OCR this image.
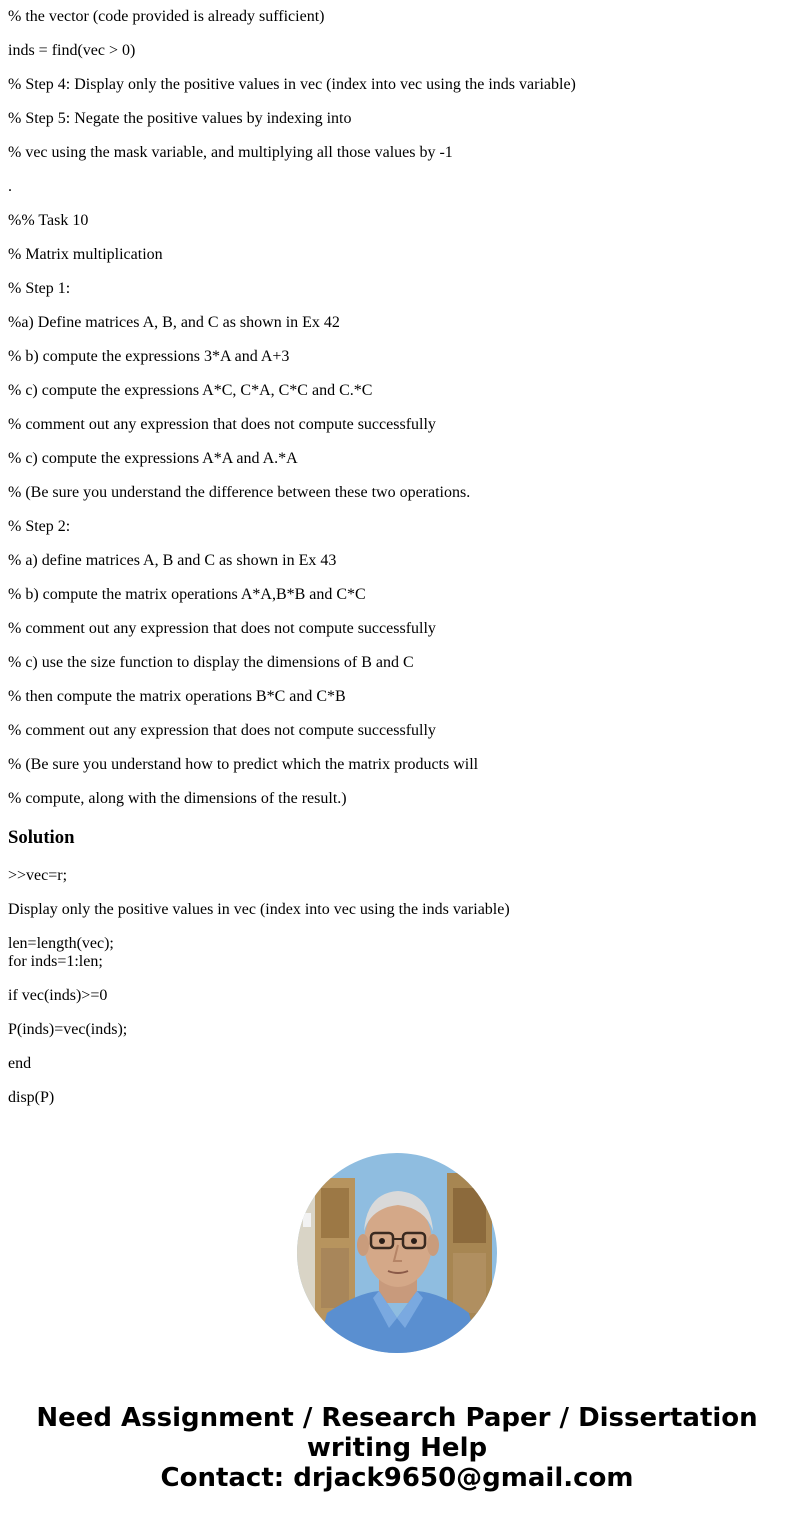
% the vector (code provided is already sufficient)

inds = find(vec > 0)

% Step 4: Display only the positive values in vec (index into vec using the inds variable)

% Step 5: Negate the positive values by indexing into

% vec using the mask variable, and multiplying all those values by -1

.

%% Task 10

% Matrix multiplication

% Step 1:

%a) Define matrices A, B, and C as shown in Ex 42

% b) compute the expressions 3*A and A+3

% c) compute the expressions A*C, C*A, C*C and C.*C

% comment out any expression that does not compute successfully

% c) compute the expressions A*A and A.*A

% (Be sure you understand the difference between these two operations.

% Step 2:

% a) define matrices A, B and C as shown in Ex 43

% b) compute the matrix operations A*A,B*B and C*C

% comment out any expression that does not compute successfully

% c) use the size function to display the dimensions of B and C

% then compute the matrix operations B*C and C*B

% comment out any expression that does not compute successfully

% (Be sure you understand how to predict which the matrix products will

% compute, along with the dimensions of the result.)

Solution

>>vec=r;

Display only the positive values in vec (index into vec using the inds variable)

len=length(vec);

for inds=1:len;

if vec(inds)>=0

P(inds)=vec(inds);

end

disp(P)

Need Assignment / Research Paper / Dissertation
writing Help
Contact: drjack9650@gmail.com
